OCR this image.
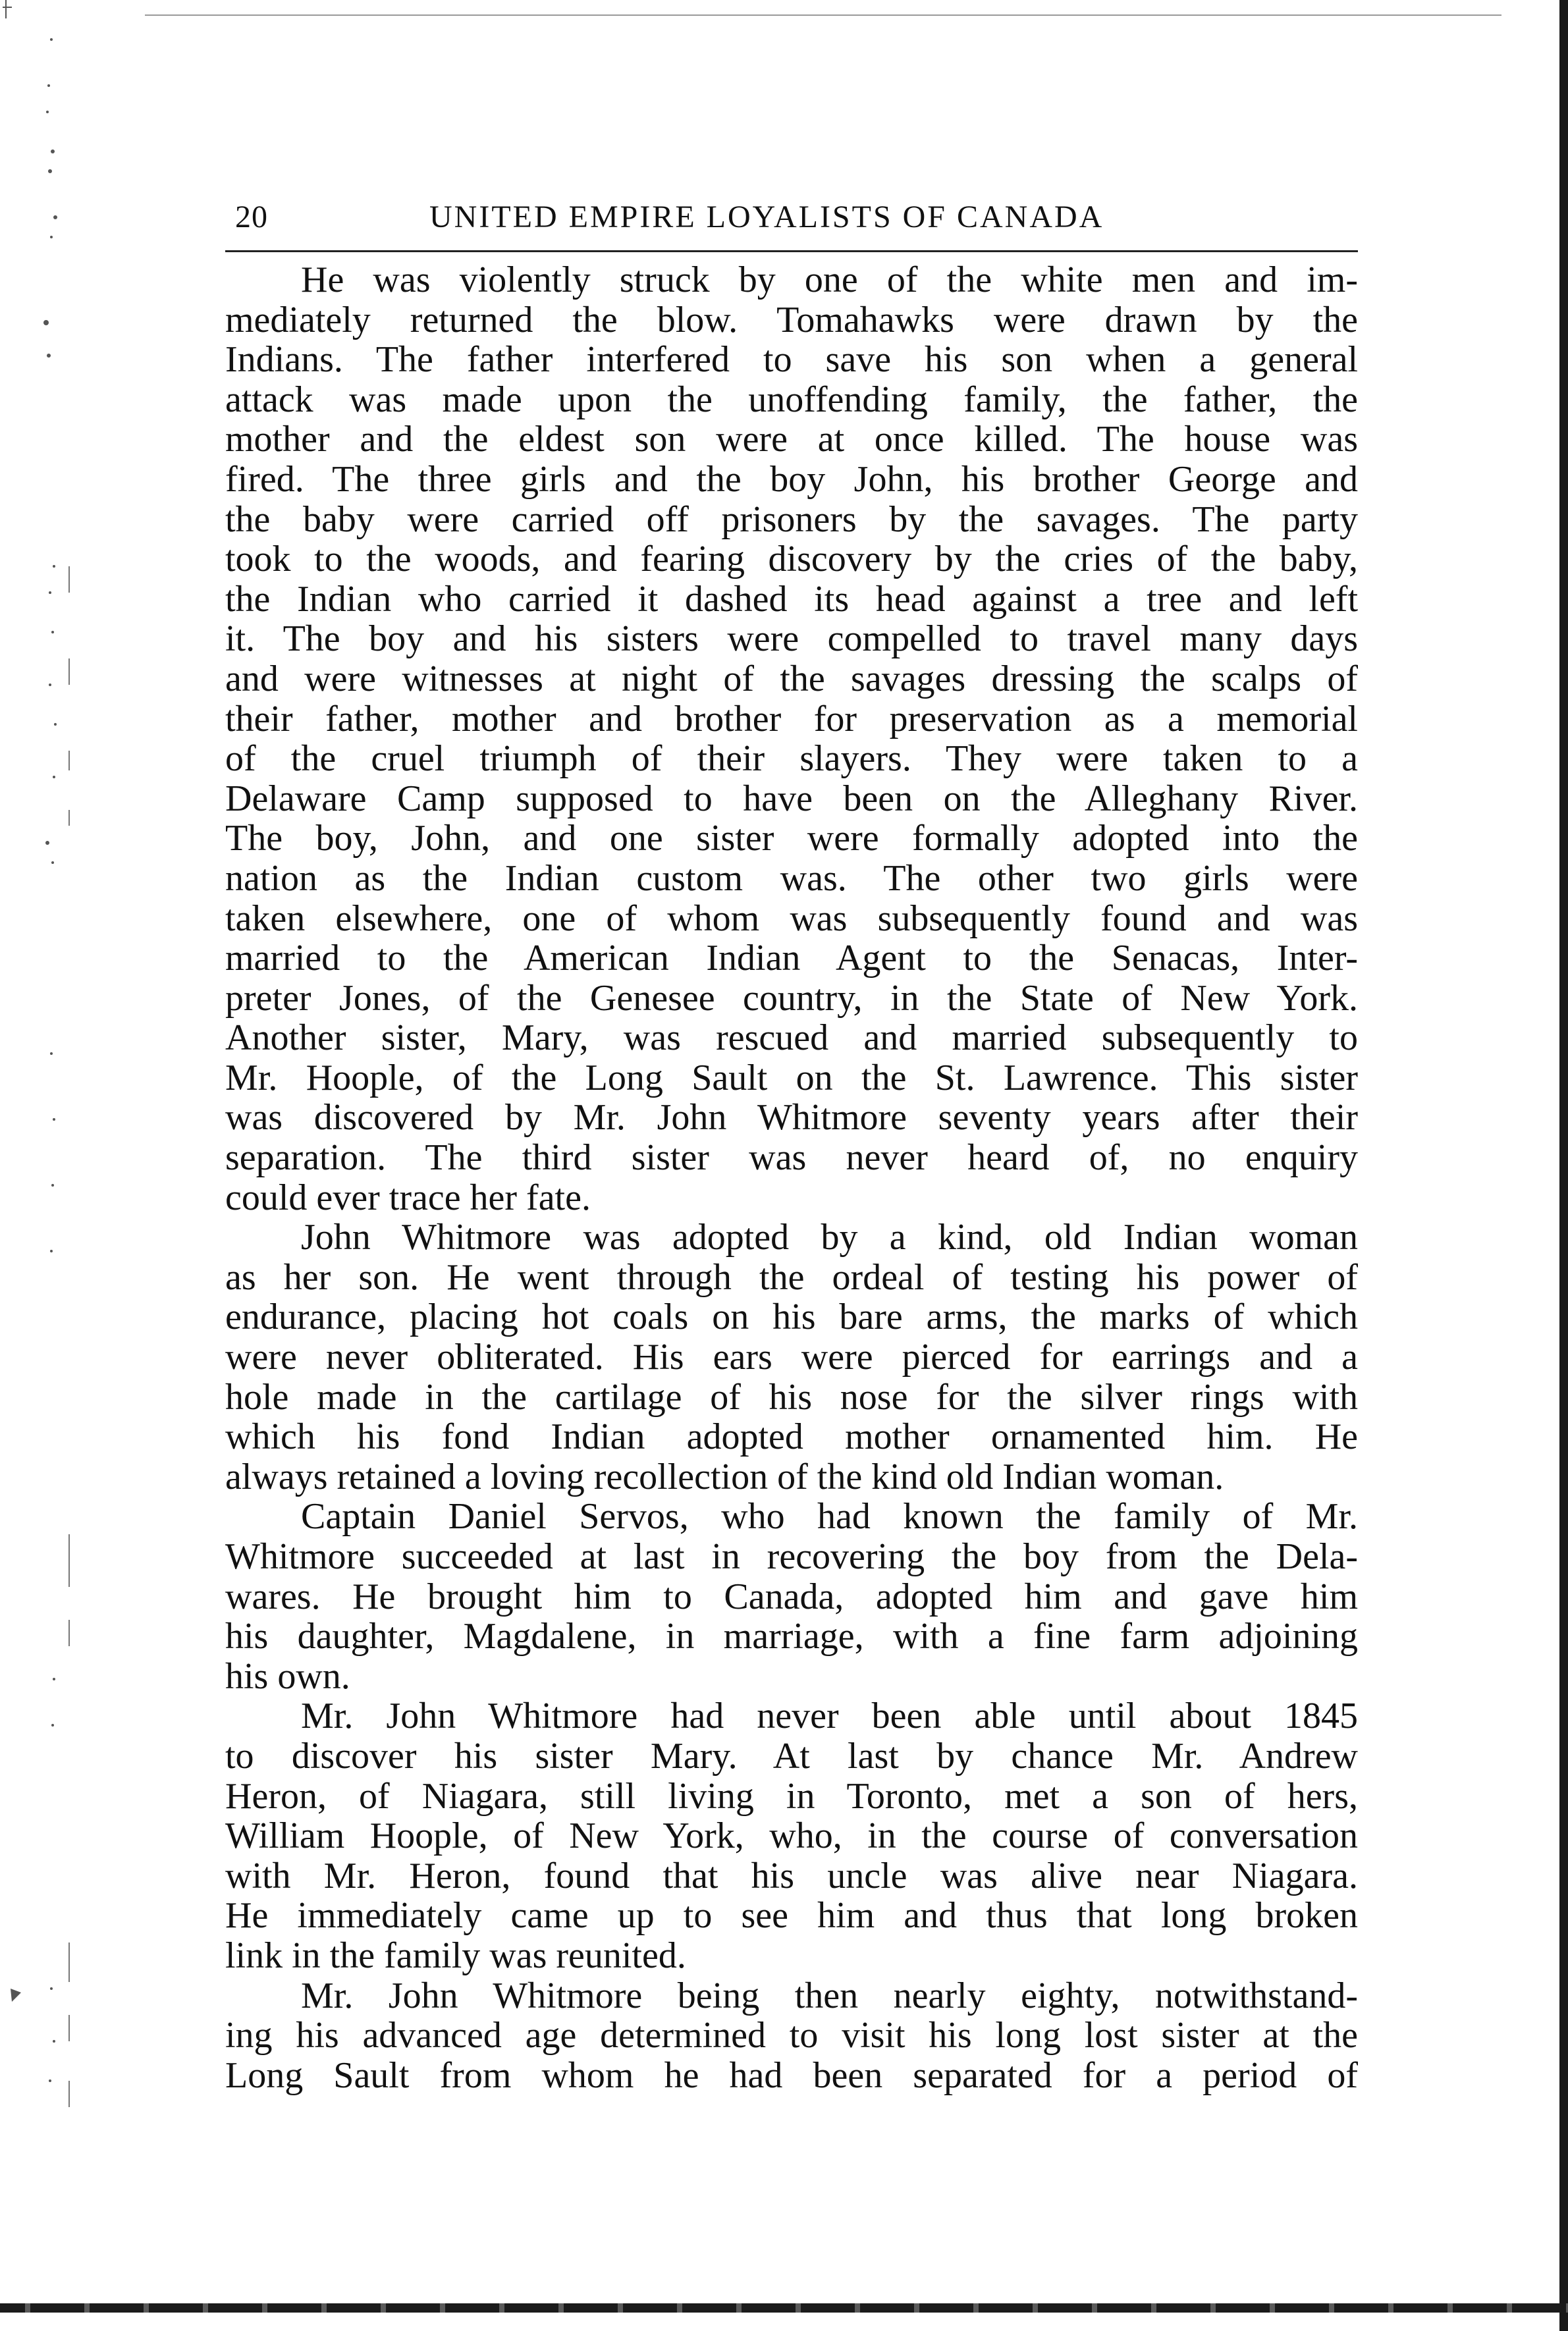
20	UNITED EMPIRE LOYALISTS OF CANADA
He was violently struck by one of the white men and im-
mediately returned the blow. Tomahawks were drawn by the
Indians. The father interfered to save his son when a general
attack was made upon the unoffending family, the father, the
mother and the eldest son were at once killed. The house was
fired. The three girls and the boy John, his brother George and
the baby were carried off prisoners by the savages. The party
took to the woods, and fearing discovery by the cries of the baby,
the Indian who carried it dashed its head against a tree and left
it. The boy and his sisters were compelled to travel many days
and were witnesses at night of the savages dressing the scalps of
their father, mother and brother for preservation as a memorial
of the cruel triumph of their slayers. They were taken to a
Delaware Camp supposed to have been on the Alleghany River.
The boy, John, and one sister were formally adopted into the
nation as the Indian custom was. The other two girls were
taken elsewhere, one of whom was subsequently found and was
married to the American Indian Agent to the Senacas, Inter-
preter Jones, of the Genesee country, in the State of New York.
Another sister, Mary, was rescued and married subsequently to
Mr. Hoople, of the Long Sault on the St. Lawrence. This sister
was discovered by Mr. John Whitmore seventy years after their
separation. The third sister was never heard of, no enquiry
could ever trace her fate.
John Whitmore was adopted by a kind, old Indian woman
as her son. He went through the ordeal of testing his power of
endurance, placing hot coals on his bare arms, the marks of which
were never obliterated. His ears were pierced for earrings and a
hole made in the cartilage of his nose for the silver rings with
which his fond Indian adopted mother ornamented him. He
always retained a loving recollection of the kind old Indian woman.
Captain Daniel Servos, who had known the family of Mr.
Whitmore succeeded at last in recovering the boy from the Dela-
wares. He brought him to Canada, adopted him and gave him
his daughter, Magdalene, in marriage, with a fine farm adjoining
his own.
Mr. John Whitmore had never been able until about 1845
to discover his sister Mary. At last by chance Mr. Andrew
Heron, of Niagara, still living in Toronto, met a son of hers,
William Hoople, of New York, who, in the course of conversation
with Mr. Heron, found that his uncle was alive near Niagara.
He immediately came up to see him and thus that long broken
link in the family was reunited.
Mr. John Whitmore being then nearly eighty, notwithstand-
ing his advanced age determined to visit his long lost sister at the
Long Sault from whom he had been separated for a period of
